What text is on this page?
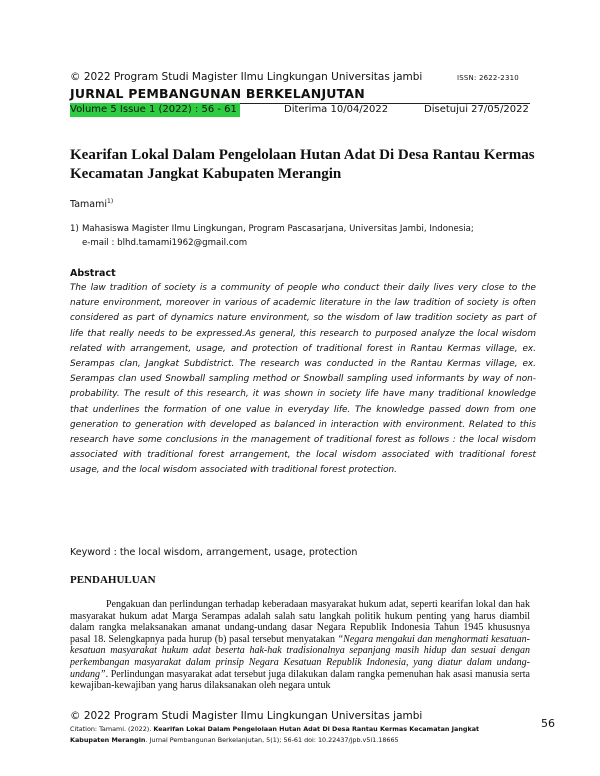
© 2022 Program Studi Magister Ilmu Lingkungan Universitas jambi	ISSN: 2622-2310
JURNAL PEMBANGUNAN BERKELANJUTAN
Volume 5 Issue 1 (2022) : 56 - 61	Diterima 10/04/2022	Disetujui 27/05/2022
Kearifan Lokal Dalam Pengelolaan Hutan Adat Di Desa Rantau Kermas Kecamatan Jangkat Kabupaten Merangin
Tamami$^{1)}$
1) Mahasiswa Magister Ilmu Lingkungan, Program Pascasarjana, Universitas Jambi, Indonesia;
e-mail : blhd.tamami1962@gmail.com
Abstract
The law tradition of society is a community of people who conduct their daily lives very close to the nature environment, moreover in various of academic literature in the law tradition of society is often considered as part of dynamics nature environment, so the wisdom of law tradition society as part of life that really needs to be expressed.As general, this research to purposed analyze the local wisdom related with arrangement, usage, and protection of traditional forest in Rantau Kermas village, ex. Serampas clan, Jangkat Subdistrict. The research was conducted in the Rantau Kermas village, ex. Serampas clan used Snowball sampling method or Snowball sampling used informants by way of non- probability. The result of this research, it was shown in society life have many traditional knowledge that underlines the formation of one value in everyday life. The knowledge passed down from one generation to generation with developed as balanced in interaction with environment. Related to this research have some conclusions in the management of traditional forest as follows : the local wisdom associated with traditional forest arrangement, the local wisdom associated with traditional forest usage, and the local wisdom associated with traditional forest protection.
Keyword : the local wisdom, arrangement, usage, protection
PENDAHULUAN
Pengakuan dan perlindungan terhadap keberadaan masyarakat hukum adat, seperti kearifan lokal dan hak masyarakat hukum adat Marga Serampas adalah salah satu langkah politik hukum penting yang harus diambil dalam rangka melaksanakan amanat undang-undang dasar Negara Republik Indonesia Tahun 1945 khususnya pasal 18. Selengkapnya pada hurup (b) pasal tersebut menyatakan “Negara mengakui dan menghormati kesatuan-kesatuan masyarakat hukum adat beserta hak-hak tradisionalnya sepanjang masih hidup dan sesuai dengan perkembangan masyarakat dalam prinsip Negara Kesatuan Republik Indonesia, yang diatur dalam undang-undang”. Perlindungan masyarakat adat tersebut juga dilakukan dalam rangka pemenuhan hak asasi manusia serta kewajiban-kewajiban yang harus dilaksanakan oleh negara untuk
© 2022 Program Studi Magister Ilmu Lingkungan Universitas jambi
Citation: Tamami. (2022). Kearifan Lokal Dalam Pengelolaan Hutan Adat Di Desa Rantau Kermas Kecamatan Jangkat Kabupaten Merangin. Jurnal Pembangunan Berkelanjutan, 5(1); 56-61 doi: 10.22437/jpb.v5i1.18665
56
